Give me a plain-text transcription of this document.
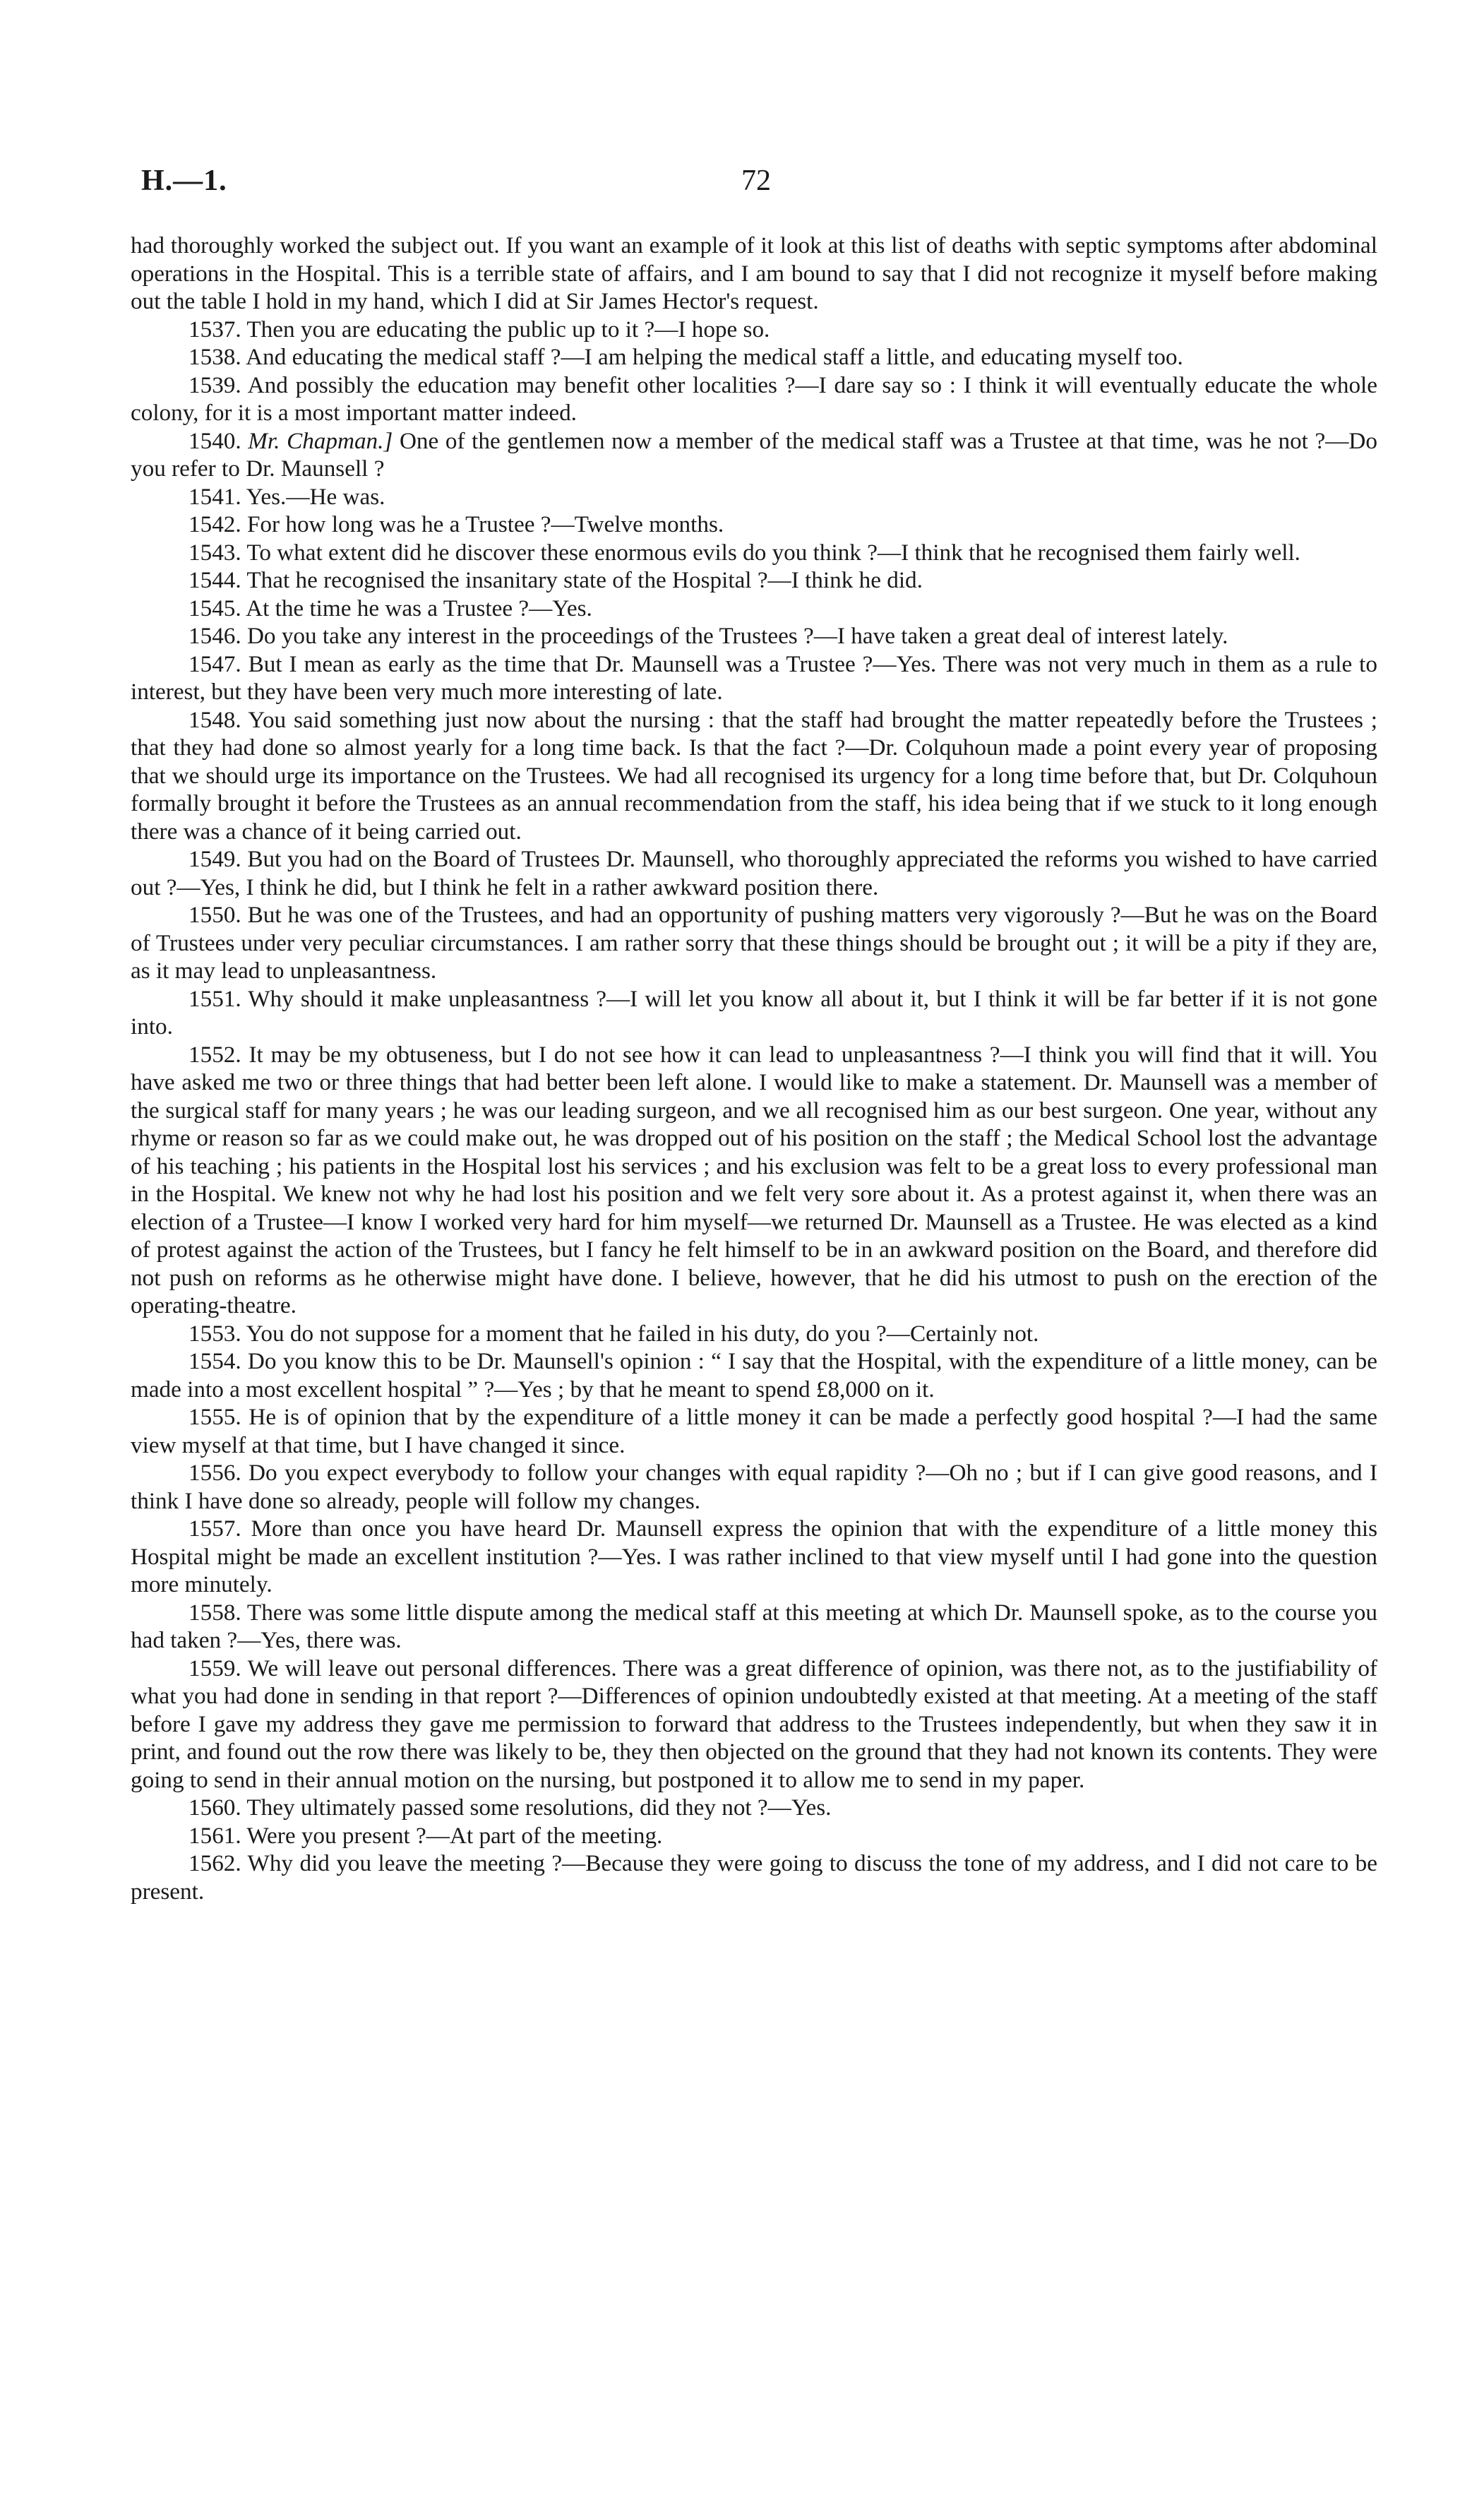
H.—1.	72

had thoroughly worked the subject out. If you want an example of it look at this list of deaths with septic symptoms after abdominal operations in the Hospital. This is a terrible state of affairs, and I am bound to say that I did not recognize it myself before making out the table I hold in my hand, which I did at Sir James Hector's request.

1537. Then you are educating the public up to it ?—I hope so.

1538. And educating the medical staff ?—I am helping the medical staff a little, and educating myself too.

1539. And possibly the education may benefit other localities ?—I dare say so : I think it will eventually educate the whole colony, for it is a most important matter indeed.

1540. Mr. Chapman.] One of the gentlemen now a member of the medical staff was a Trustee at that time, was he not ?—Do you refer to Dr. Maunsell ?

1541. Yes.—He was.

1542. For how long was he a Trustee ?—Twelve months.

1543. To what extent did he discover these enormous evils do you think ?—I think that he recognised them fairly well.

1544. That he recognised the insanitary state of the Hospital ?—I think he did.

1545. At the time he was a Trustee ?—Yes.

1546. Do you take any interest in the proceedings of the Trustees ?—I have taken a great deal of interest lately.

1547. But I mean as early as the time that Dr. Maunsell was a Trustee ?—Yes. There was not very much in them as a rule to interest, but they have been very much more interesting of late.

1548. You said something just now about the nursing : that the staff had brought the matter repeatedly before the Trustees ; that they had done so almost yearly for a long time back. Is that the fact ?—Dr. Colquhoun made a point every year of proposing that we should urge its importance on the Trustees. We had all recognised its urgency for a long time before that, but Dr. Colquhoun formally brought it before the Trustees as an annual recommendation from the staff, his idea being that if we stuck to it long enough there was a chance of it being carried out.

1549. But you had on the Board of Trustees Dr. Maunsell, who thoroughly appreciated the reforms you wished to have carried out ?—Yes, I think he did, but I think he felt in a rather awkward position there.

1550. But he was one of the Trustees, and had an opportunity of pushing matters very vigorously ?—But he was on the Board of Trustees under very peculiar circumstances. I am rather sorry that these things should be brought out ; it will be a pity if they are, as it may lead to unpleasantness.

1551. Why should it make unpleasantness ?—I will let you know all about it, but I think it will be far better if it is not gone into.

1552. It may be my obtuseness, but I do not see how it can lead to unpleasantness ?—I think you will find that it will. You have asked me two or three things that had better been left alone. I would like to make a statement. Dr. Maunsell was a member of the surgical staff for many years ; he was our leading surgeon, and we all recognised him as our best surgeon. One year, without any rhyme or reason so far as we could make out, he was dropped out of his position on the staff ; the Medical School lost the advantage of his teaching ; his patients in the Hospital lost his services ; and his exclusion was felt to be a great loss to every professional man in the Hospital. We knew not why he had lost his position and we felt very sore about it. As a protest against it, when there was an election of a Trustee—I know I worked very hard for him myself—we returned Dr. Maunsell as a Trustee. He was elected as a kind of protest against the action of the Trustees, but I fancy he felt himself to be in an awkward position on the Board, and therefore did not push on reforms as he otherwise might have done. I believe, however, that he did his utmost to push on the erection of the operating-theatre.

1553. You do not suppose for a moment that he failed in his duty, do you ?—Certainly not.

1554. Do you know this to be Dr. Maunsell's opinion : “ I say that the Hospital, with the expenditure of a little money, can be made into a most excellent hospital ” ?—Yes ; by that he meant to spend £8,000 on it.

1555. He is of opinion that by the expenditure of a little money it can be made a perfectly good hospital ?—I had the same view myself at that time, but I have changed it since.

1556. Do you expect everybody to follow your changes with equal rapidity ?—Oh no ; but if I can give good reasons, and I think I have done so already, people will follow my changes.

1557. More than once you have heard Dr. Maunsell express the opinion that with the expenditure of a little money this Hospital might be made an excellent institution ?—Yes. I was rather inclined to that view myself until I had gone into the question more minutely.

1558. There was some little dispute among the medical staff at this meeting at which Dr. Maunsell spoke, as to the course you had taken ?—Yes, there was.

1559. We will leave out personal differences. There was a great difference of opinion, was there not, as to the justifiability of what you had done in sending in that report ?—Differences of opinion undoubtedly existed at that meeting. At a meeting of the staff before I gave my address they gave me permission to forward that address to the Trustees independently, but when they saw it in print, and found out the row there was likely to be, they then objected on the ground that they had not known its contents. They were going to send in their annual motion on the nursing, but postponed it to allow me to send in my paper.

1560. They ultimately passed some resolutions, did they not ?—Yes.

1561. Were you present ?—At part of the meeting.

1562. Why did you leave the meeting ?—Because they were going to discuss the tone of my address, and I did not care to be present.
